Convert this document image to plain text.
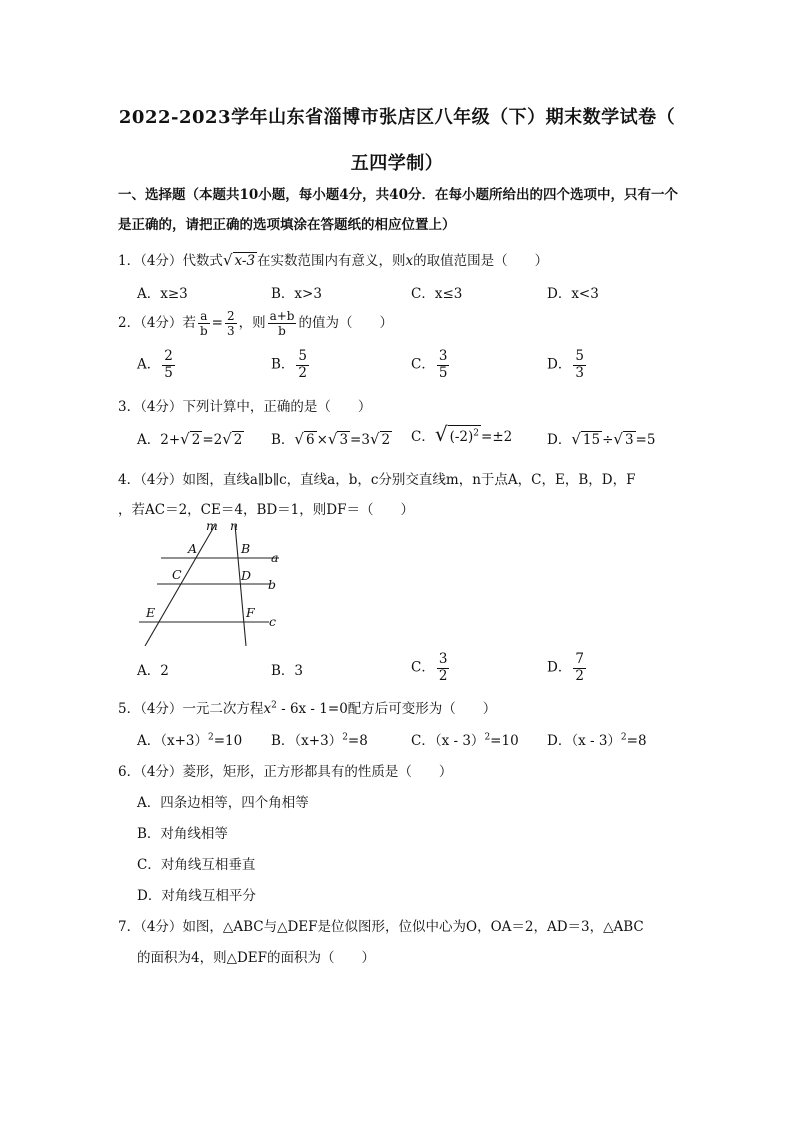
2022-2023学年山东省淄博市张店区八年级（下）期末数学试卷（
五四学制）
一、选择题（本题共10小题，每小题4分，共40分．在每小题所给出的四个选项中，只有一个是正确的，请把正确的选项填涂在答题纸的相应位置上）
1．（4分）代数式√ x-3 在实数范围内有意义，则x的取值范围是（　　）
A．x≥3	B．x>3	C．x≤3	D．x<3
2．（4分）若 $\frac{a}{b} = \frac{2}{3}$ ，则 $\frac{a+b}{b}$ 的值为（　　）
A． $\frac{2}{5}$	B． $\frac{5}{2}$	C． $\frac{3}{5}$	D． $\frac{5}{3}$
3．（4分）下列计算中，正确的是（　　）
A．2+√ 2 =2√ 2 B．√ 6 ×√ 3 =3√ 2 C．√ $(-2)^2 =\pm 2$	D．√ 15 ÷√ 3 =5
4．（4分）如图，直线a∥b∥c，直线a，b，c分别交直线m，n于点A，C，E，B，D，F
，若AC＝2，CE＝4，BD＝1，则DF＝（　　）
m n
a
b
c
A	B
C	D
E	F
A．2	B．3	C． $\frac{3}{2}$	D． $\frac{7}{2}$
5．（4分）一元二次方程$x^2 - 6x - 1=0$配方后可变形为（　　）
A．$(x+3)^2=10$ B．$(x+3)^2=8$	C．（x - 3）$^2$=10 D．（x - 3）$^2$=8
6．（4分）菱形，矩形，正方形都具有的性质是（　　）
A．四条边相等，四个角相等
B．对角线相等
C．对角线互相垂直
D．对角线互相平分
7．（4分）如图，△ABC与△DEF是位似图形，位似中心为O，OA＝2，AD＝3，△ABC
的面积为4，则△DEF的面积为（　　）
